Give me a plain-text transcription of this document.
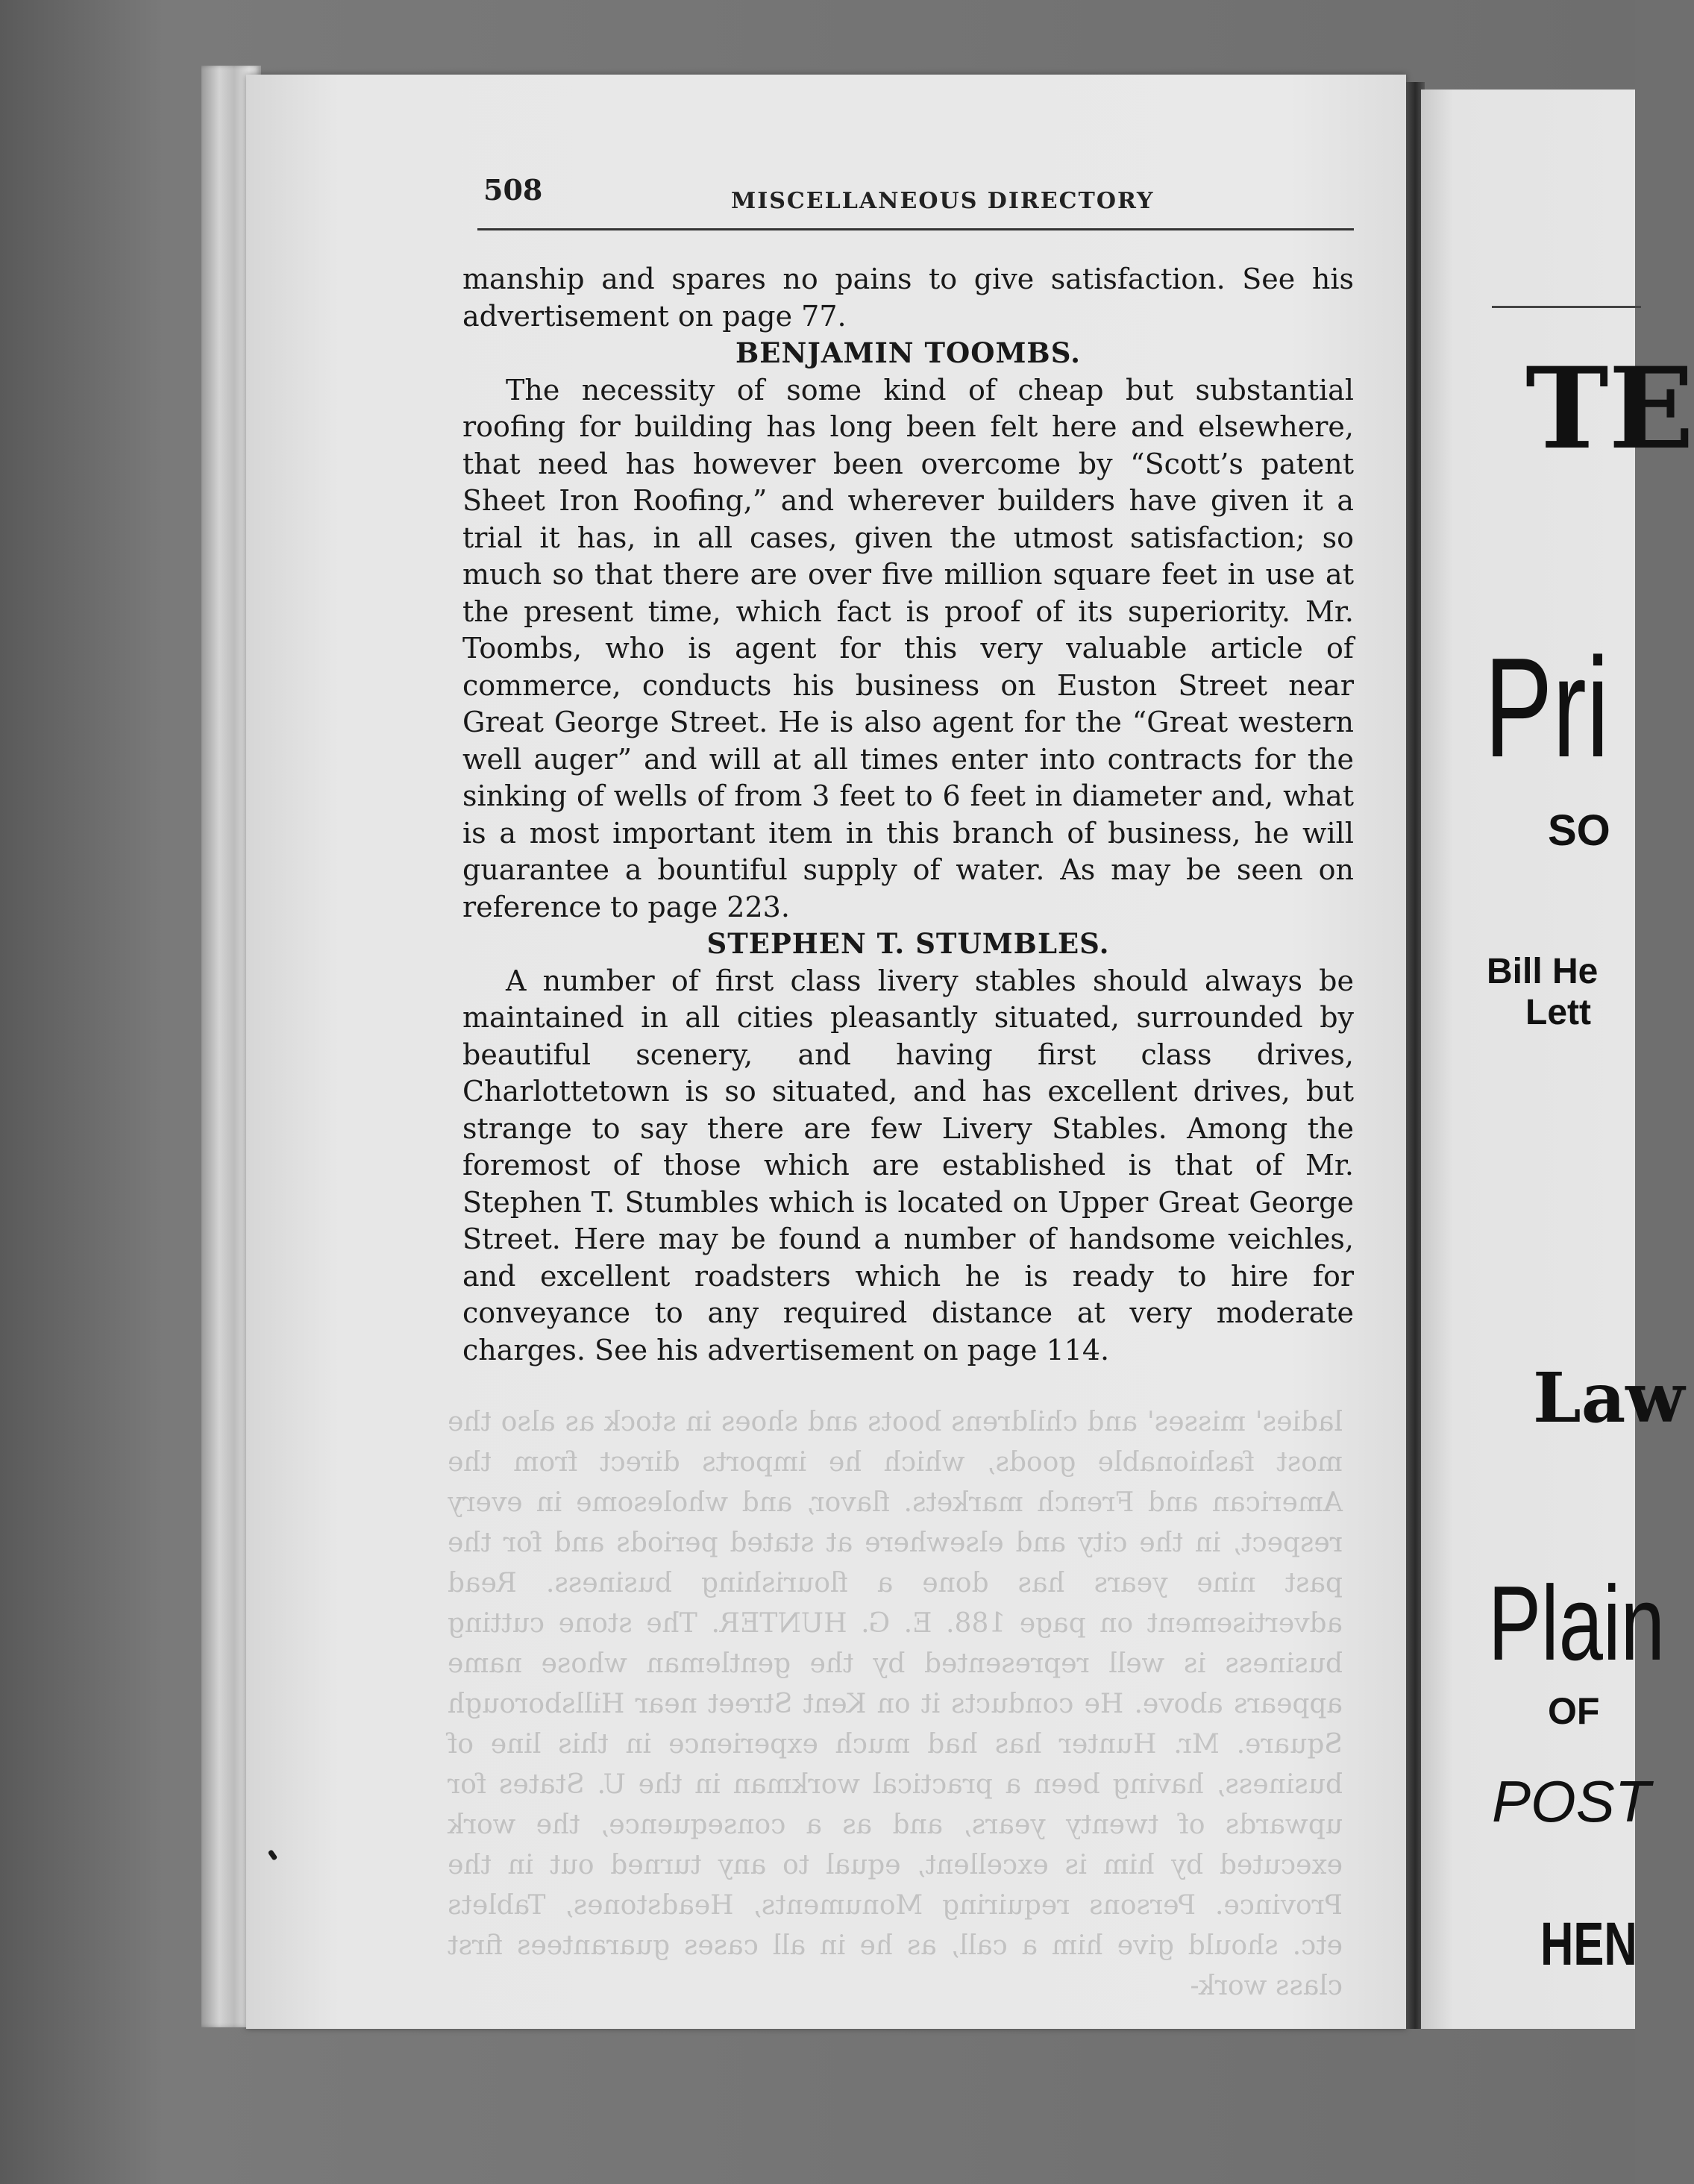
ladies' misses' and childrens boots and shoes in stock as also the most fashionable goods, which he imports direct from the American and French markets. flavor, and wholesome in every respect, in the city and elsewhere at stated periods and for the past nine years has done a flourishing business. Read advertisement on page 188. E. G. HUNTER. The stone cutting business is well represented by the gentleman whose name appears above. He conducts it on Kent Street near Hillsborough Square. Mr. Hunter has had much experience in this line of business, having been a practical workman in the U. States for upwards of twenty years, and as a consequence, the work executed by him is excellent, equal to any turned out in the Province. Persons requiring Monuments, Headstones, Tablets etc. should give him a call, as he in all cases guarantees first class work-
508	MISCELLANEOUS DIRECTORY

manship and spares no pains to give satisfaction. See his advertisement on page 77.

BENJAMIN TOOMBS.

The necessity of some kind of cheap but substantial roofing for building has long been felt here and elsewhere, that need has however been overcome by “Scott’s patent Sheet Iron Roofing,” and wherever builders have given it a trial it has, in all cases, given the utmost satisfaction; so much so that there are over five million square feet in use at the present time, which fact is proof of its superiority. Mr. Toombs, who is agent for this very valuable article of commerce, conducts his business on Euston Street near Great George Street. He is also agent for the “Great western well auger” and will at all times enter into contracts for the sinking of wells of from 3 feet to 6 feet in diameter and, what is a most important item in this branch of business, he will guarantee a bountiful supply of water. As may be seen on reference to page 223.

STEPHEN T. STUMBLES.

A number of first class livery stables should always be maintained in all cities pleasantly situated, surrounded by beautiful scenery, and having first class drives, Charlottetown is so situated, and has excellent drives, but strange to say there are few Livery Stables. Among the foremost of those which are established is that of Mr. Stephen T. Stumbles which is located on Upper Great George Street. Here may be found a number of handsome veichles, and excellent roadsters which he is ready to hire for conveyance to any required distance at very moderate charges. See his advertisement on page 114.

TE
Pri
SO
Bill He
Lett
Law
Plain
OF
POST
HEN
